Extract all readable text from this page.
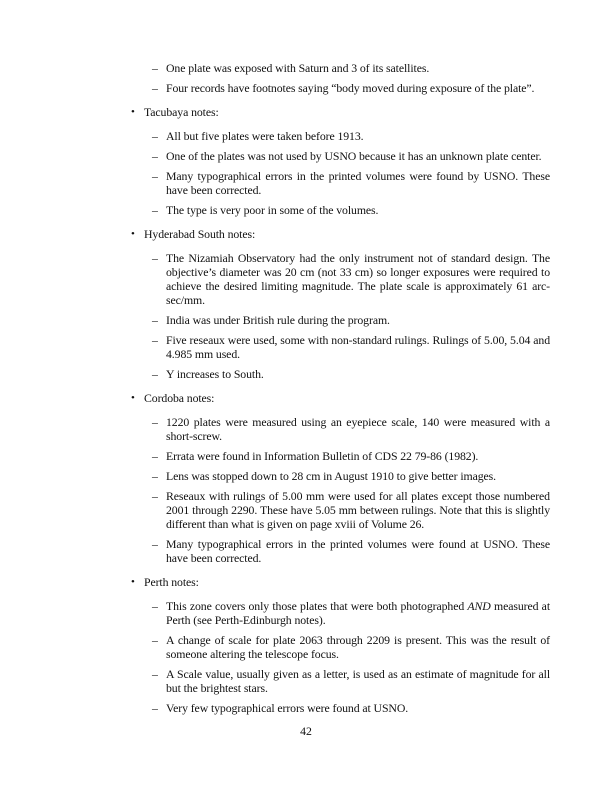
– One plate was exposed with Saturn and 3 of its satellites.
– Four records have footnotes saying “body moved during exposure of the plate”.
• Tacubaya notes:
– All but five plates were taken before 1913.
– One of the plates was not used by USNO because it has an unknown plate center.
– Many typographical errors in the printed volumes were found by USNO. These have been corrected.
– The type is very poor in some of the volumes.
• Hyderabad South notes:
– The Nizamiah Observatory had the only instrument not of standard design. The objective’s diameter was 20 cm (not 33 cm) so longer exposures were required to achieve the desired limiting magnitude. The plate scale is approximately 61 arc-sec/mm.
– India was under British rule during the program.
– Five reseaux were used, some with non-standard rulings. Rulings of 5.00, 5.04 and 4.985 mm used.
– Y increases to South.
• Cordoba notes:
– 1220 plates were measured using an eyepiece scale, 140 were measured with a short-screw.
– Errata were found in Information Bulletin of CDS 22 79-86 (1982).
– Lens was stopped down to 28 cm in August 1910 to give better images.
– Reseaux with rulings of 5.00 mm were used for all plates except those numbered 2001 through 2290. These have 5.05 mm between rulings. Note that this is slightly different than what is given on page xviii of Volume 26.
– Many typographical errors in the printed volumes were found at USNO. These have been corrected.
• Perth notes:
– This zone covers only those plates that were both photographed AND measured at Perth (see Perth-Edinburgh notes).
– A change of scale for plate 2063 through 2209 is present. This was the result of someone altering the telescope focus.
– A Scale value, usually given as a letter, is used as an estimate of magnitude for all but the brightest stars.
– Very few typographical errors were found at USNO.
42
